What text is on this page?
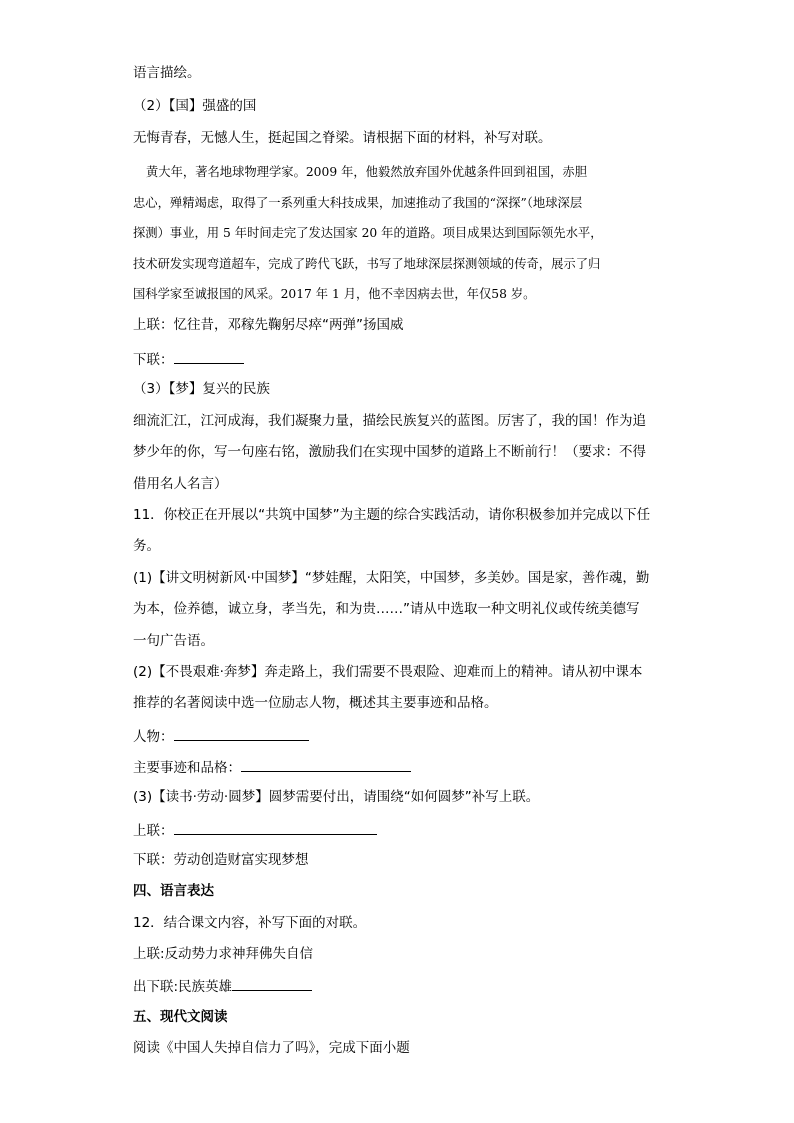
语言描绘。
（2）【国】强盛的国
无悔青春，无憾人生，挺起国之脊梁。请根据下面的材料，补写对联。
黄大年，著名地球物理学家。2009 年，他毅然放弃国外优越条件回到祖国，赤胆
忠心，殚精竭虑，取得了一系列重大科技成果，加速推动了我国的“深探”（地球深层
探测）事业，用 5 年时间走完了发达国家 20 年的道路。项目成果达到国际领先水平，
技术研发实现弯道超车，完成了跨代飞跃，书写了地球深层探测领域的传奇，展示了归
国科学家至诚报国的风采。2017 年 1 月，他不幸因病去世，年仅58 岁。
上联：忆往昔，邓稼先鞠躬尽瘁“两弹”扬国威
下联：
（3）【梦】复兴的民族
细流汇江，江河成海，我们凝聚力量，描绘民族复兴的蓝图。厉害了，我的国！作为追
梦少年的你，写一句座右铭，激励我们在实现中国梦的道路上不断前行！（要求：不得
借用名人名言）
11．你校正在开展以“共筑中国梦”为主题的综合实践活动，请你积极参加并完成以下任
务。
(1)【讲文明树新风·中国梦】“梦娃醒，太阳笑，中国梦，多美妙。国是家，善作魂，勤
为本，俭养德，诚立身，孝当先，和为贵……”请从中选取一种文明礼仪或传统美德写
一句广告语。
(2)【不畏艰难·奔梦】奔走路上，我们需要不畏艰险、迎难而上的精神。请从初中课本
推荐的名著阅读中选一位励志人物，概述其主要事迹和品格。
人物：
主要事迹和品格：
(3)【读书·劳动·圆梦】圆梦需要付出，请围绕“如何圆梦”补写上联。
上联：
下联：劳动创造财富实现梦想
四、语言表达
12．结合课文内容，补写下面的对联。
上联:反动势力求神拜佛失自信
出下联:民族英雄
五、现代文阅读
阅读《中国人失掉自信力了吗》，完成下面小题
